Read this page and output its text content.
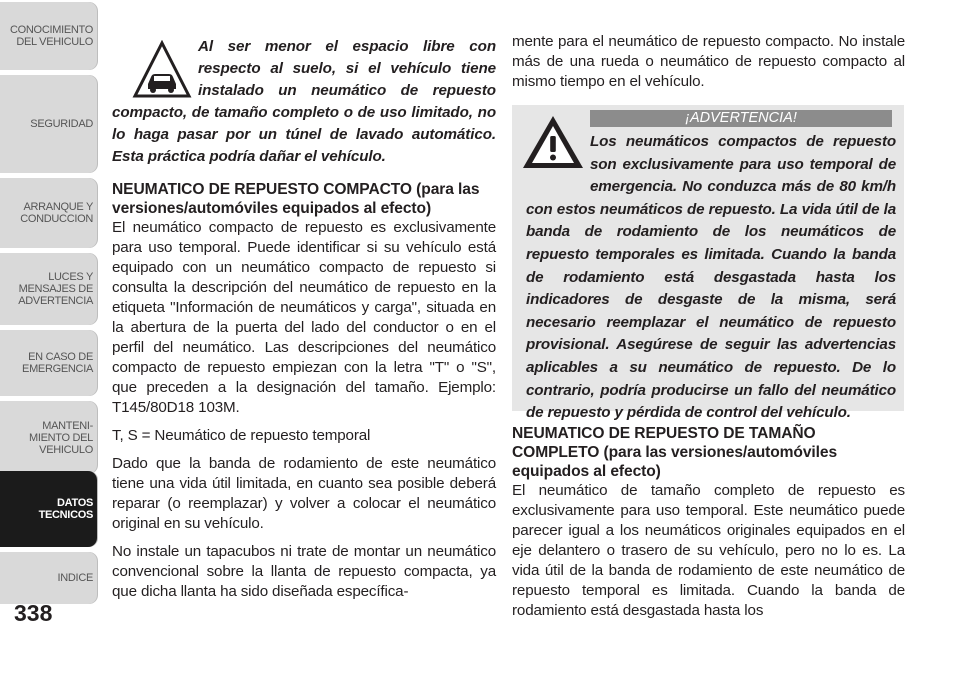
CONOCIMIENTO
DEL VEHICULO
SEGURIDAD
ARRANQUE Y
CONDUCCION
LUCES Y
MENSAJES DE
ADVERTENCIA
EN CASO DE
EMERGENCIA
MANTENI-
MIENTO DEL
VEHICULO
DATOS
TECNICOS
INDICE
338
Al ser menor el espacio libre con respecto al suelo, si el vehículo tiene instalado un neumático de repuesto compacto, de tamaño completo o de uso limitado, no lo haga pasar por un túnel de lavado automático. Esta práctica podría dañar el vehículo.
NEUMATICO DE REPUESTO COMPACTO (para las versiones/automóviles equipados al efecto)

El neumático compacto de repuesto es exclusivamente para uso temporal. Puede identificar si su vehículo está equipado con un neumático compacto de repuesto si consulta la descripción del neumático de repuesto en la etiqueta "Información de neumáticos y carga", situada en la abertura de la puerta del lado del conductor o en el perfil del neumático. Las descripciones del neumático compacto de repuesto empiezan con la letra "T" o "S", que preceden a la designación del tamaño. Ejemplo: T145/80D18 103M.

T, S = Neumático de repuesto temporal

Dado que la banda de rodamiento de este neumático tiene una vida útil limitada, en cuanto sea posible deberá reparar (o reemplazar) y volver a colocar el neumático original en su vehículo.

No instale un tapacubos ni trate de montar un neumático convencional sobre la llanta de repuesto compacta, ya que dicha llanta ha sido diseñada específica-

mente para el neumático de repuesto compacto. No instale más de una rueda o neumático de repuesto compacto al mismo tiempo en el vehículo.

¡ADVERTENCIA!
Los neumáticos compactos de repuesto son exclusivamente para uso temporal de emergencia. No conduzca más de 80 km/h con estos neumáticos de repuesto. La vida útil de la banda de rodamiento de los neumáticos de repuesto temporales es limitada. Cuando la banda de rodamiento está desgastada hasta los indicadores de desgaste de la misma, será necesario reemplazar el neumático de repuesto provisional. Asegúrese de seguir las advertencias aplicables a su neumático de repuesto. De lo contrario, podría producirse un fallo del neumático de repuesto y pérdida de control del vehículo.
NEUMATICO DE REPUESTO DE TAMAÑO COMPLETO (para las versiones/automóviles equipados al efecto)

El neumático de tamaño completo de repuesto es exclusivamente para uso temporal. Este neumático puede parecer igual a los neumáticos originales equipados en el eje delantero o trasero de su vehículo, pero no lo es. La vida útil de la banda de rodamiento de este neumático de repuesto temporal es limitada. Cuando la banda de rodamiento está desgastada hasta los
